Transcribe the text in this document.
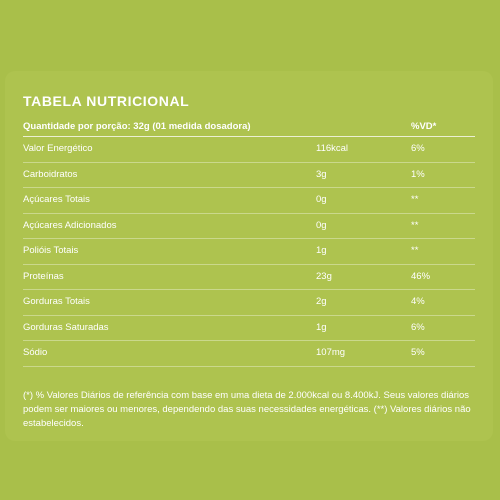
TABELA NUTRICIONAL
Quantidade por porção: 32g (01 medida dosadora)	%VD*
Valor Energético	116kcal	6%
Carboidratos	3g	1%
Açúcares Totais	0g	**
Açúcares Adicionados	0g	**
Polióis Totais	1g	**
Proteínas	23g	46%
Gorduras Totais	2g	4%
Gorduras Saturadas	1g	6%
Sódio	107mg	5%

(*) % Valores Diários de referência com base em uma dieta de 2.000kcal ou 8.400kJ. Seus valores diários podem ser maiores ou menores, dependendo das suas necessidades energéticas. (**) Valores diários não estabelecidos.
